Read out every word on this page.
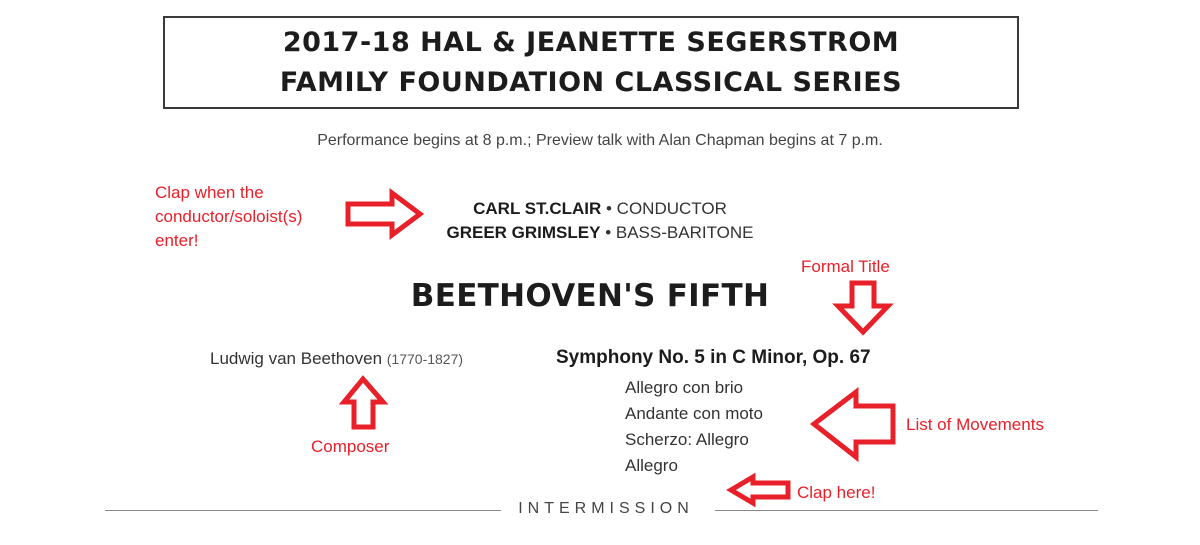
2017-18 HAL & JEANETTE SEGERSTROM
FAMILY FOUNDATION CLASSICAL SERIES
Performance begins at 8 p.m.; Preview talk with Alan Chapman begins at 7 p.m.
CARL ST.CLAIR • CONDUCTOR
GREER GRIMSLEY • BASS-BARITONE
BEETHOVEN'S FIFTH
Ludwig van Beethoven (1770-1827)	Symphony No. 5 in C Minor, Op. 67
Allegro con brio
Andante con moto
Scherzo: Allegro
Allegro
INTERMISSION
Clap when the
conductor/soloist(s)
enter!
Formal Title
Composer
List of Movements
Clap here!
